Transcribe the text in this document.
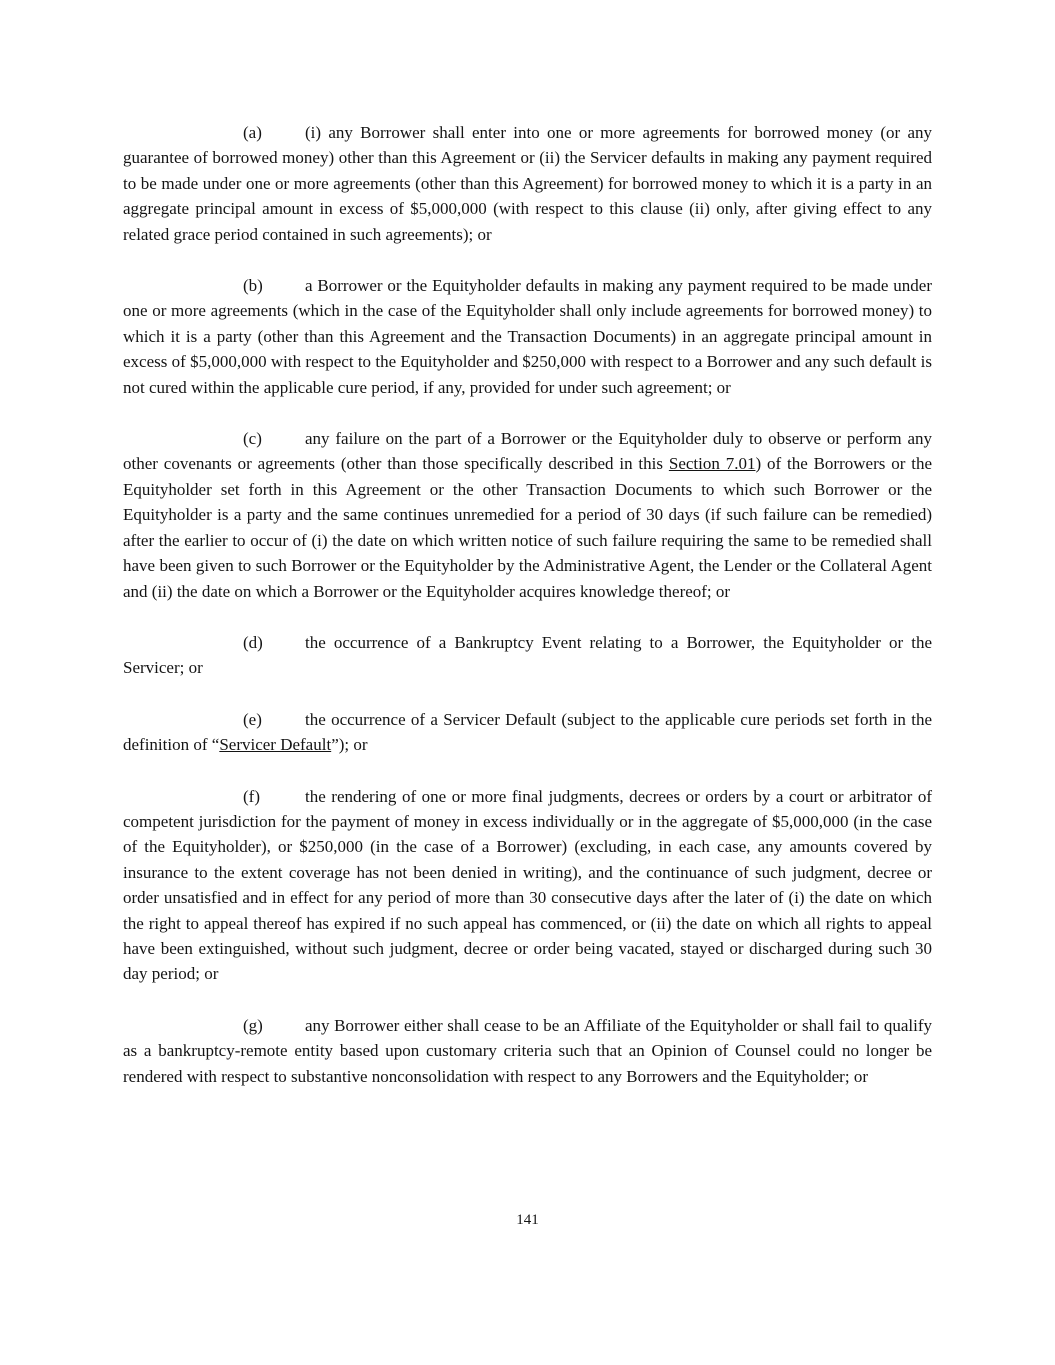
(a)	(i) any Borrower shall enter into one or more agreements for borrowed money (or any guarantee of borrowed money) other than this Agreement or (ii) the Servicer defaults in making any payment required to be made under one or more agreements (other than this Agreement) for borrowed money to which it is a party in an aggregate principal amount in excess of $5,000,000 (with respect to this clause (ii) only, after giving effect to any related grace period contained in such agreements); or

(b) a Borrower or the Equityholder defaults in making any payment required to be made under one or more agreements (which in the case of the Equityholder shall only include agreements for borrowed money) to which it is a party (other than this Agreement and the Transaction Documents) in an aggregate principal amount in excess of $5,000,000 with respect to the Equityholder and $250,000 with respect to a Borrower and any such default is not cured within the applicable cure period, if any, provided for under such agreement; or

(c)	any failure on the part of a Borrower or the Equityholder duly to observe or perform any other covenants or agreements (other than those specifically described in this Section 7.01) of the Borrowers or the Equityholder set forth in this Agreement or the other Transaction Documents to which such Borrower or the Equityholder is a party and the same continues unremedied for a period of 30 days (if such failure can be remedied) after the earlier to occur of (i) the date on which written notice of such failure requiring the same to be remedied shall have been given to such Borrower or the Equityholder by the Administrative Agent, the Lender or the Collateral Agent and (ii) the date on which a Borrower or the Equityholder acquires knowledge thereof; or

(d) the occurrence of a Bankruptcy Event relating to a Borrower, the Equityholder or the Servicer; or

(e)	the occurrence of a Servicer Default (subject to the applicable cure periods set forth in the definition of “Servicer Default”); or

(f)	the rendering of one or more final judgments, decrees or orders by a court or arbitrator of competent jurisdiction for the payment of money in excess individually or in the aggregate of $5,000,000 (in the case of the Equityholder), or $250,000 (in the case of a Borrower) (excluding, in each case, any amounts covered by insurance to the extent coverage has not been denied in writing), and the continuance of such judgment, decree or order unsatisfied and in effect for any period of more than 30 consecutive days after the later of (i) the date on which the right to appeal thereof has expired if no such appeal has commenced, or (ii) the date on which all rights to appeal have been extinguished, without such judgment, decree or order being vacated, stayed or discharged during such 30 day period; or

(g) any Borrower either shall cease to be an Affiliate of the Equityholder or shall fail to qualify as a bankruptcy-remote entity based upon customary criteria such that an Opinion of Counsel could no longer be rendered with respect to substantive nonconsolidation with respect to any Borrowers and the Equityholder; or

141
